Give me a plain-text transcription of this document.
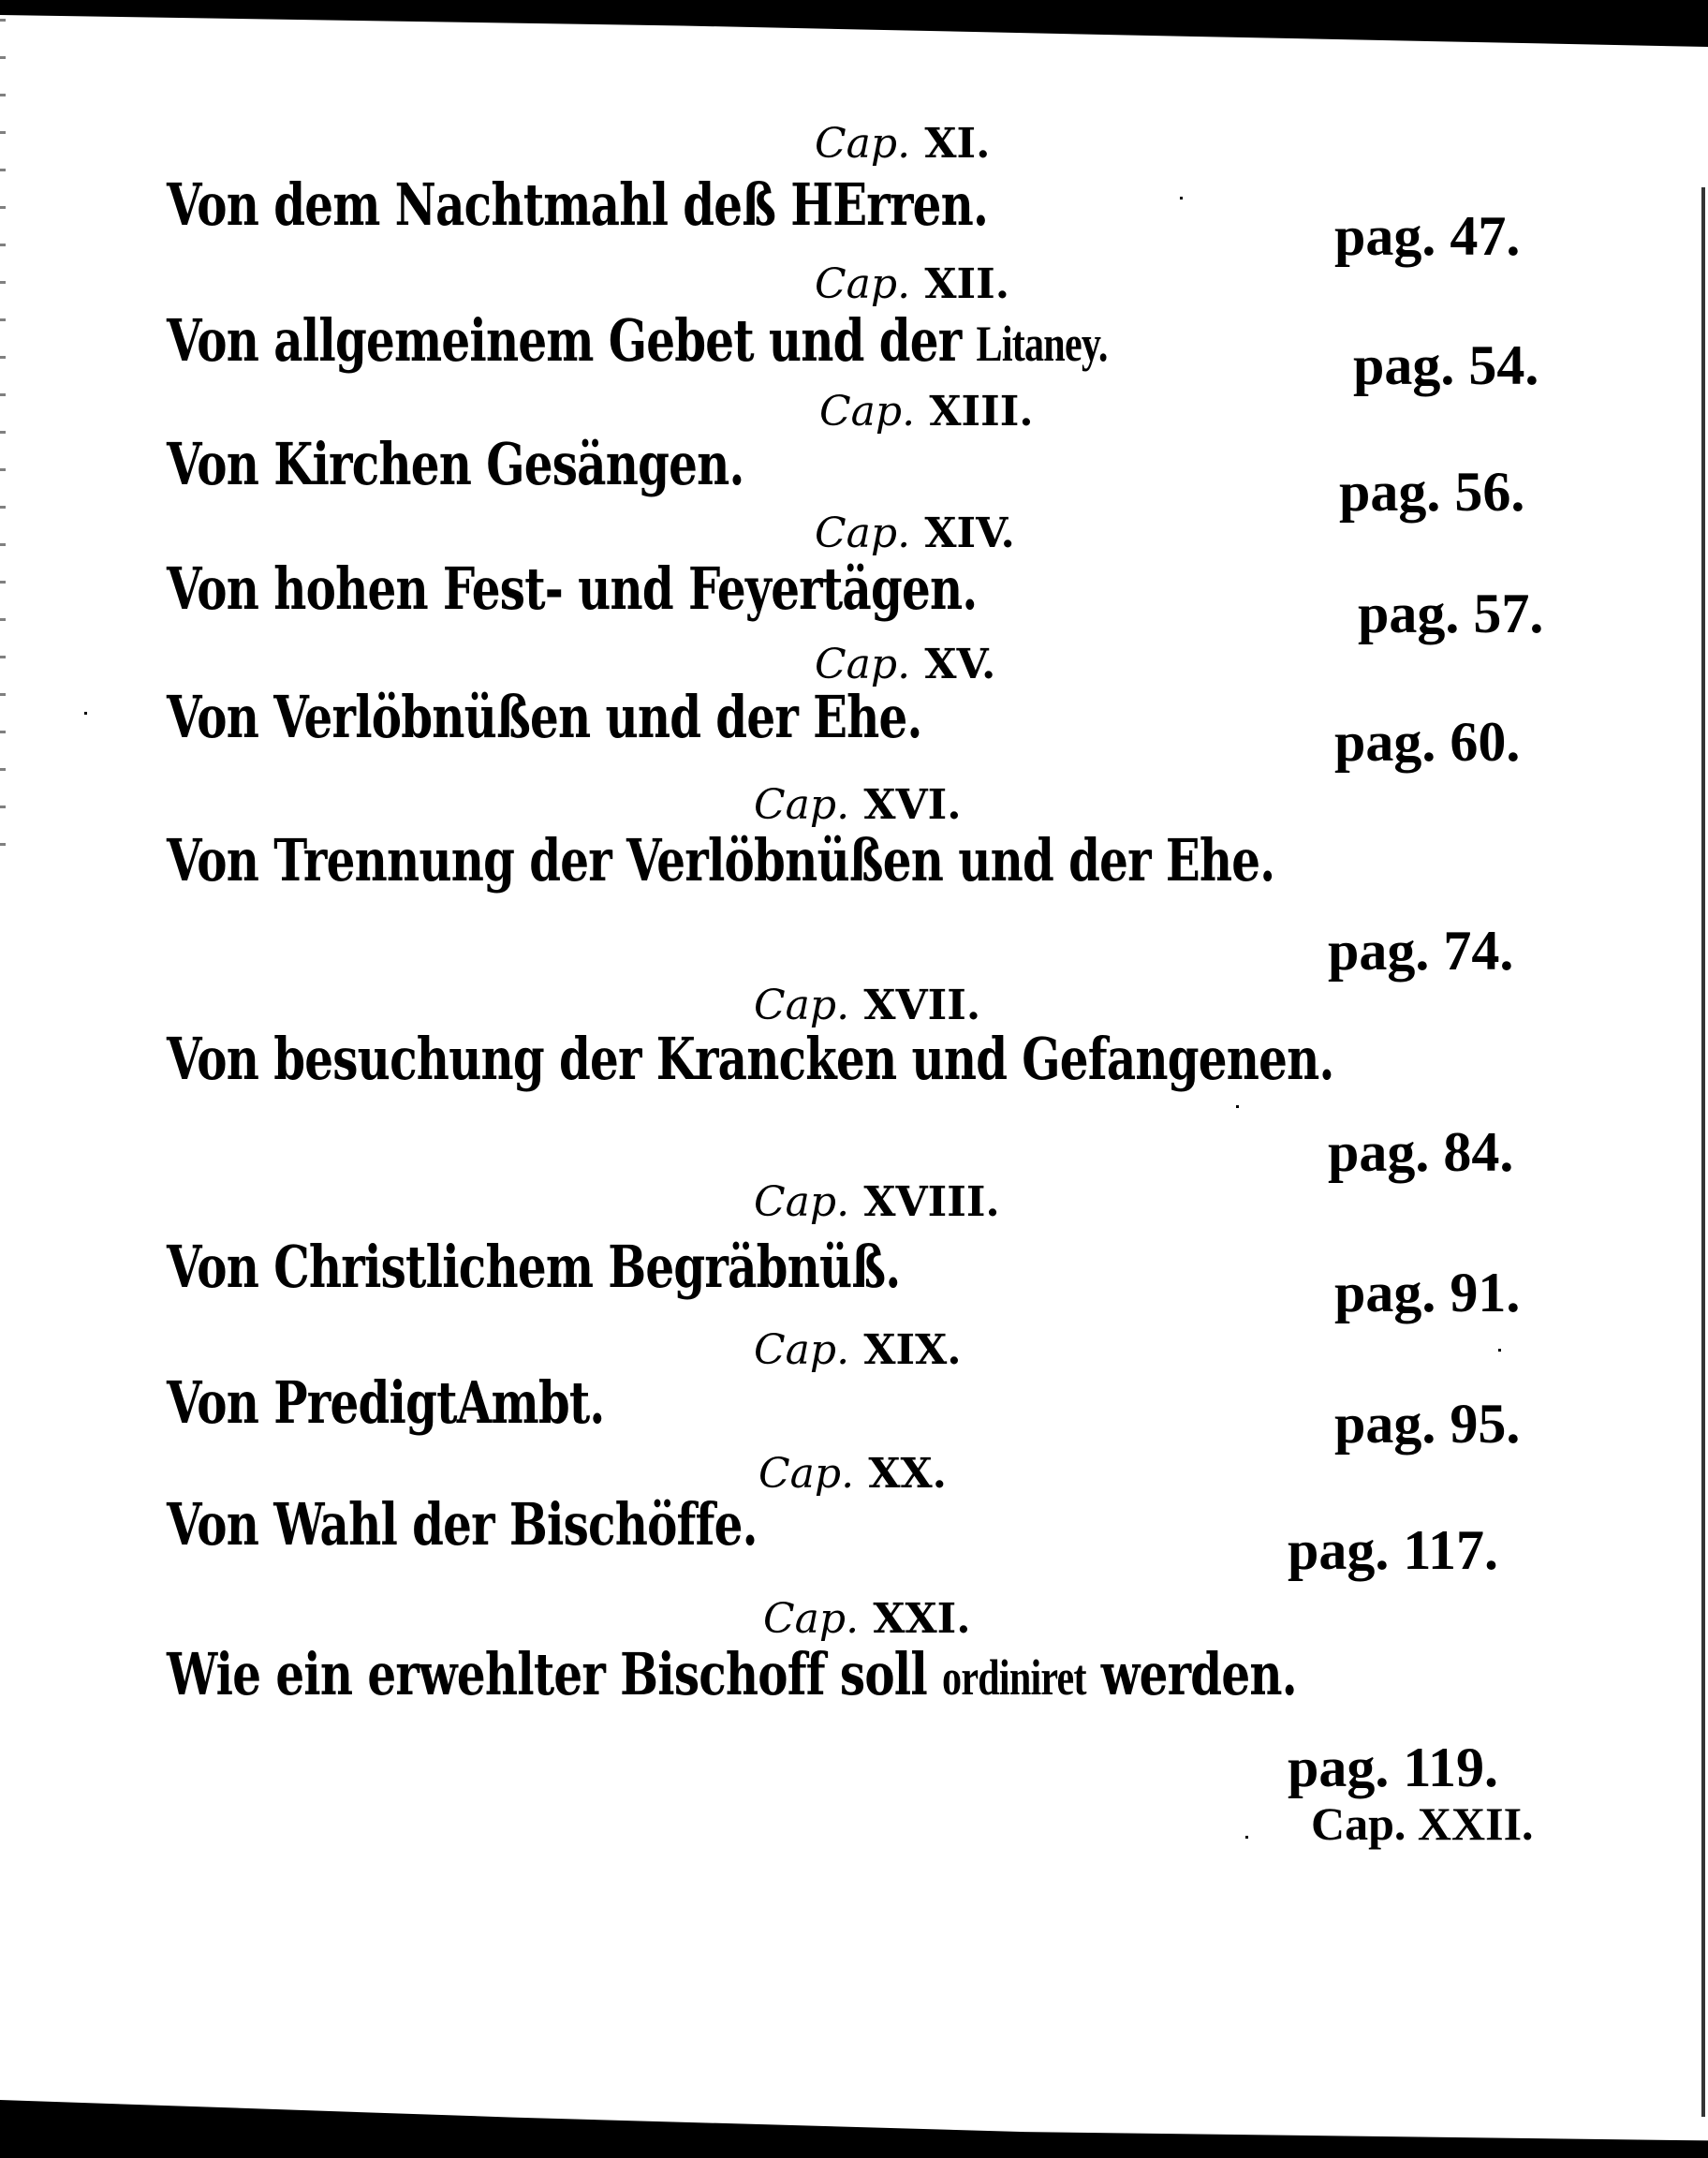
Cap. XI.
Von dem Nachtmahl deß HErren.	pag. 47.
Cap. XII.
Von allgemeinem Gebet und der Litaney.	pag. 54.
Cap. XIII.
Von Kirchen Gesängen.	pag. 56.
Cap. XIV.
Von hohen Fest- und Feyertägen.	pag. 57.
Cap. XV.
Von Verlöbnüßen und der Ehe.	pag. 60.
Cap. XVI.
Von Trennung der Verlöbnüßen und der Ehe.
pag. 74.
Cap. XVII.
Von besuchung der Krancken und Gefangenen.
pag. 84.
Cap. XVIII.
Von Christlichem Begräbnüß.	pag. 91.
Cap. XIX.
Von PredigtAmbt.	pag. 95.
Cap. XX.
Von Wahl der Bischöffe.	pag. 117.
Cap. XXI.
Wie ein erwehlter Bischoff soll ordiniret werden.
pag. 119.
Cap. XXII.
